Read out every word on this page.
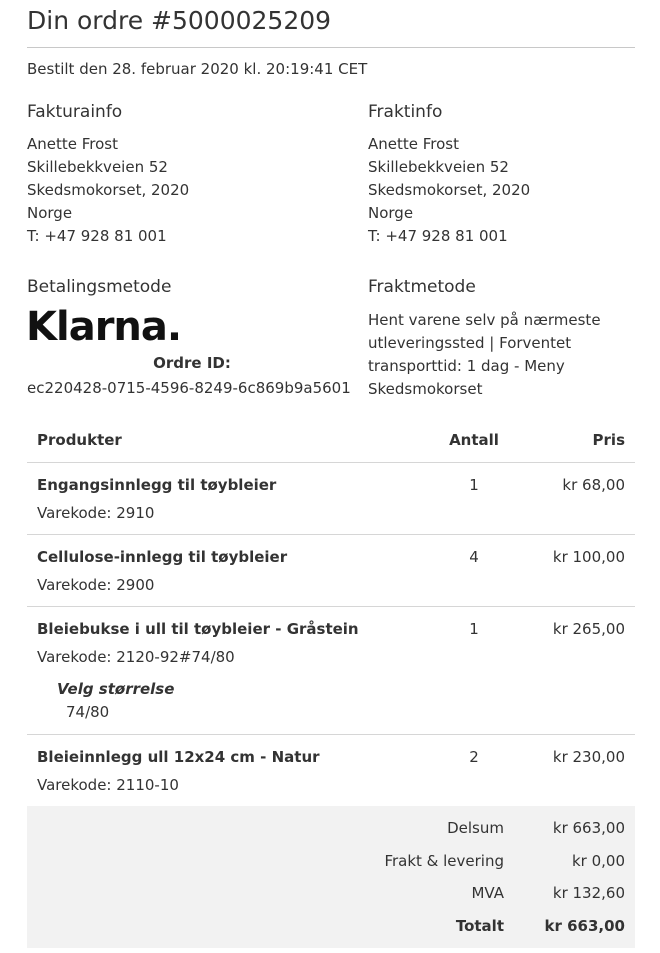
Din ordre #5000025209
Bestilt den 28. februar 2020 kl. 20:19:41 CET
Fakturainfo
Anette Frost
Skillebekkveien 52
Skedsmokorset, 2020
Norge
T: +47 928 81 001
Fraktinfo
Anette Frost
Skillebekkveien 52
Skedsmokorset, 2020
Norge
T: +47 928 81 001
Betalingsmetode
Klarna.
Ordre ID:
ec220428-0715-4596-8249-6c869b9a5601
Fraktmetode
Hent varene selv på nærmeste
utleveringssted | Forventet
transporttid: 1 dag - Meny
Skedsmokorset
Produkter	Antall	Pris
Engangsinnlegg til tøybleier
Varekode: 2910
1	kr 68,00
Cellulose-innlegg til tøybleier
Varekode: 2900
4	kr 100,00
Bleiebukse i ull til tøybleier - Gråstein
Varekode: 2120-92#74/80
1	kr 265,00
Velg størrelse
74/80
Bleieinnlegg ull 12x24 cm - Natur
Varekode: 2110-10
2	kr 230,00
Delsum	kr 663,00
Frakt & levering	kr 0,00
MVA	kr 132,60
Totalt	kr 663,00
